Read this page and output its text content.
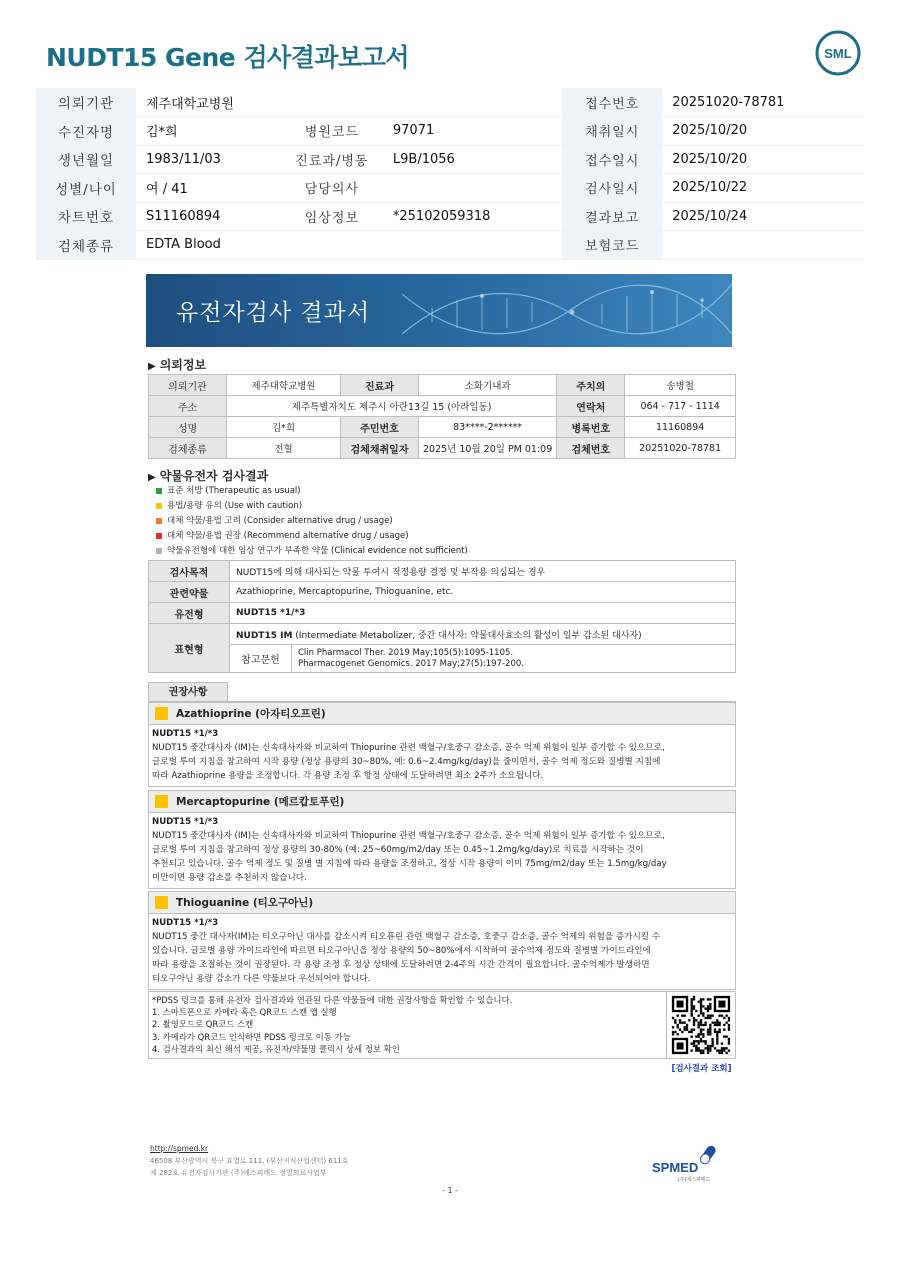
NUDT15 Gene 검사결과보고서	SML
의뢰기관	제주대학교병원			접수번호	20251020-78781
수진자명	김*희	병원코드	97071	채취일시	2025/10/20
생년월일	1983/11/03	진료과/병동	L9B/1056	접수일시	2025/10/20
성별/나이	여 / 41	담당의사		검사일시	2025/10/22
차트번호	S11160894	임상정보	*25102059318	결과보고	2025/10/24
검체종류	EDTA Blood			보험코드	
유전자검사 결과서
▶ 의뢰정보
의뢰기관	제주대학교병원	진료과	소화기내과	주치의	송병철
주소	제주특별자치도 제주시 아란13길 15 (아라일동)			연락처	064 - 717 - 1114
성명	김*희	주민번호	83****-2******	병록번호	11160894
검체종류	전혈	검체채취일자	2025년 10월 20일 PM 01:09	검체번호	20251020-78781
▶ 약물유전자 검사결과
표준 처방 (Therapeutic as usual)
용법/용량 유의 (Use with caution)
대체 약물/용법 고려 (Consider alternative drug / usage)
대체 약물/용법 권장 (Recommend alternative drug / usage)
약물유전형에 대한 임상 연구가 부족한 약물 (Clinical evidence not sufficient)
검사목적	NUDT15에 의해 대사되는 약물 투여시 적정용량 결정 및 부작용 의심되는 경우	
관련약물	Azathioprine, Mercaptopurine, Thioguanine, etc.	
유전형	NUDT15 *1/*3	
표현형	NUDT15 IM (Intermediate Metabolizer, 중간 대사자: 약물대사효소의 활성이 일부 감소된 대사자)	
	참고문헌	Clin Pharmacol Ther. 2019 May;105(5):1095-1105.
Pharmacogenet Genomics. 2017 May;27(5):197-200.
권장사항
Azathioprine (아자티오프린)
NUDT15 *1/*3
NUDT15 중간대사자 (IM)는 신속대사자와 비교하여 Thiopurine 관련 백혈구/호중구 감소증, 골수 억제 위험이 일부 증가할 수 있으므로,
글로벌 투여 지침을 참고하여 시작 용량 (정상 용량의 30~80%, 예: 0.6~2.4mg/kg/day)을 줄이면서, 골수 억제 정도와 질병별 지침에
따라 Azathioprine 용량을 조정합니다. 각 용량 조정 후 항정 상태에 도달하려면 최소 2주가 소요됩니다.
Mercaptopurine (메르캅토푸린)
NUDT15 *1/*3
NUDT15 중간대사자 (IM)는 신속대사자와 비교하여 Thiopurine 관련 백혈구/호중구 감소증, 골수 억제 위험이 일부 증가할 수 있으므로,
글로벌 투여 지침을 참고하여 정상 용량의 30-80% (예: 25~60mg/m2/day 또는 0.45~1.2mg/kg/day)로 치료를 시작하는 것이
추천되고 있습니다. 골수 억제 정도 및 질병 별 지침에 따라 용량을 조정하고, 정상 시작 용량이 이미 75mg/m2/day 또는 1.5mg/kg/day
미만이면 용량 감소를 추천하지 않습니다.
Thioguanine (티오구아닌)
NUDT15 *1/*3
NUDT15 중간 대사자(IM)는 티오구아닌 대사를 감소시켜 티오퓨린 관련 백혈구 감소증, 호중구 감소증, 골수 억제의 위험을 증가시킬 수
있습니다. 글로벌 용량 가이드라인에 따르면 티오구아닌을 정상 용량의 50~80%에서 시작하여 골수억제 정도와 질병별 가이드라인에
따라 용량을 조절하는 것이 권장된다. 각 용량 조정 후 정상 상태에 도달하려면 2-4주의 시간 간격이 필요합니다. 골수억제가 발생하면
티오구아닌 용량 감소가 다른 약물보다 우선되어야 합니다.
*PDSS 링크를 통해 유전자 검사결과와 연관된 다른 약물들에 대한 권장사항을 확인할 수 있습니다.
1. 스마트폰으로 카메라 혹은 QR코드 스캔 앱 실행
2. 촬영모드로 QR코드 스캔
3. 카메라가 QR코드 인식하면 PDSS 링크로 이동 가능
4. 검사결과의 최신 해석 제공, 유전자/약물명 클릭시 상세 정보 확인
[검사결과 조회]
http://spmed.kr
46508 부산광역시 북구 효열로 111, (부산지식산업센터) 611호
제 282호 유전자검사기관 (주)에스피메드 정밀의료사업부	SPMED
(주)에스피메드
- 1 -
